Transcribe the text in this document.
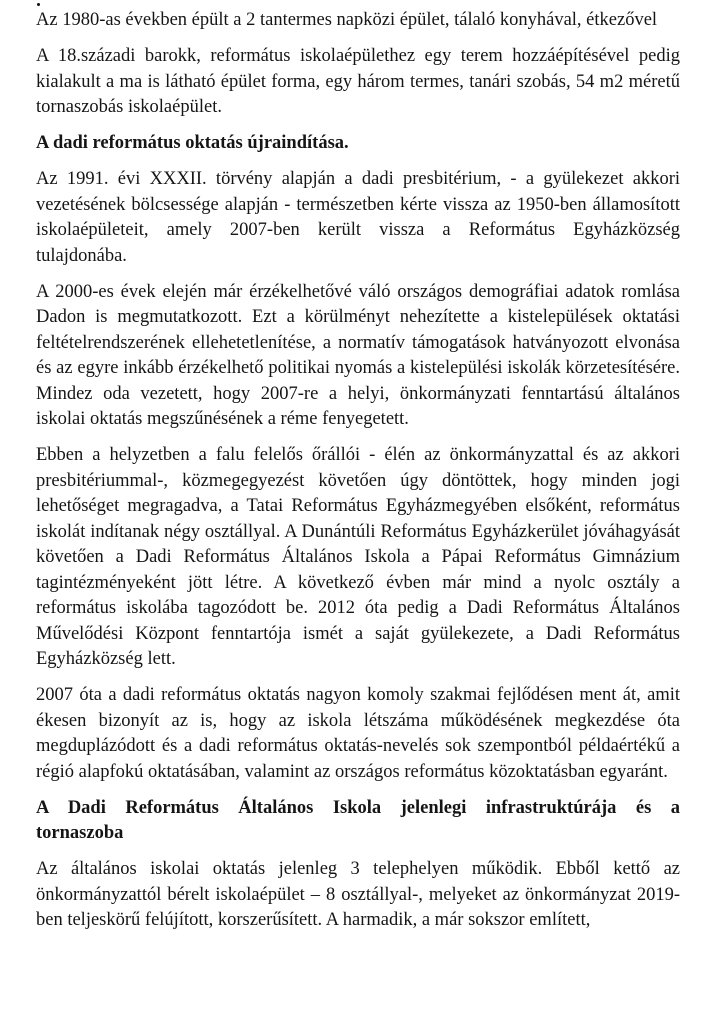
Az 1980-as években épült a 2 tantermes napközi épület, tálaló konyhával, étkezővel

A 18.századi barokk, református iskolaépülethez egy terem hozzáépítésével pedig kialakult a ma is látható épület forma, egy három termes, tanári szobás, 54 m2 méretű tornaszobás iskolaépület.

A dadi református oktatás újraindítása.

Az 1991. évi XXXII. törvény alapján a dadi presbitérium, - a gyülekezet akkori vezetésének bölcsessége alapján - természetben kérte vissza az 1950-ben államosított iskolaépületeit, amely 2007-ben került vissza a Református Egyházközség tulajdonába.

A 2000-es évek elején már érzékelhetővé váló országos demográfiai adatok romlása Dadon is megmutatkozott. Ezt a körülményt nehezítette a kistelepülések oktatási feltételrendszerének ellehetetlenítése, a normatív támogatások hatványozott elvonása és az egyre inkább érzékelhető politikai nyomás a kistelepülési iskolák körzetesítésére. Mindez oda vezetett, hogy 2007-re a helyi, önkormányzati fenntartású általános iskolai oktatás megszűnésének a réme fenyegetett.

Ebben a helyzetben a falu felelős őrállói - élén az önkormányzattal és az akkori presbitériummal-, közmegegyezést követően úgy döntöttek, hogy minden jogi lehetőséget megragadva, a Tatai Református Egyházmegyében elsőként, református iskolát indítanak négy osztállyal. A Dunántúli Református Egyházkerület jóváhagyását követően a Dadi Református Általános Iskola a Pápai Református Gimnázium tagintézményeként jött létre. A következő évben már mind a nyolc osztály a református iskolába tagozódott be. 2012 óta pedig a Dadi Református Általános Művelődési Központ fenntartója ismét a saját gyülekezete, a Dadi Református Egyházközség lett.

2007 óta a dadi református oktatás nagyon komoly szakmai fejlődésen ment át, amit ékesen bizonyít az is, hogy az iskola létszáma működésének megkezdése óta megduplázódott és a dadi református oktatás-nevelés sok szempontból példaértékű a régió alapfokú oktatásában, valamint az országos református közoktatásban egyaránt.

A Dadi Református Általános Iskola jelenlegi infrastruktúrája és a tornaszoba

Az általános iskolai oktatás jelenleg 3 telephelyen működik. Ebből kettő az önkormányzattól bérelt iskolaépület – 8 osztállyal-, melyeket az önkormányzat 2019-ben teljeskörű felújított, korszerűsített. A harmadik, a már sokszor említett,
